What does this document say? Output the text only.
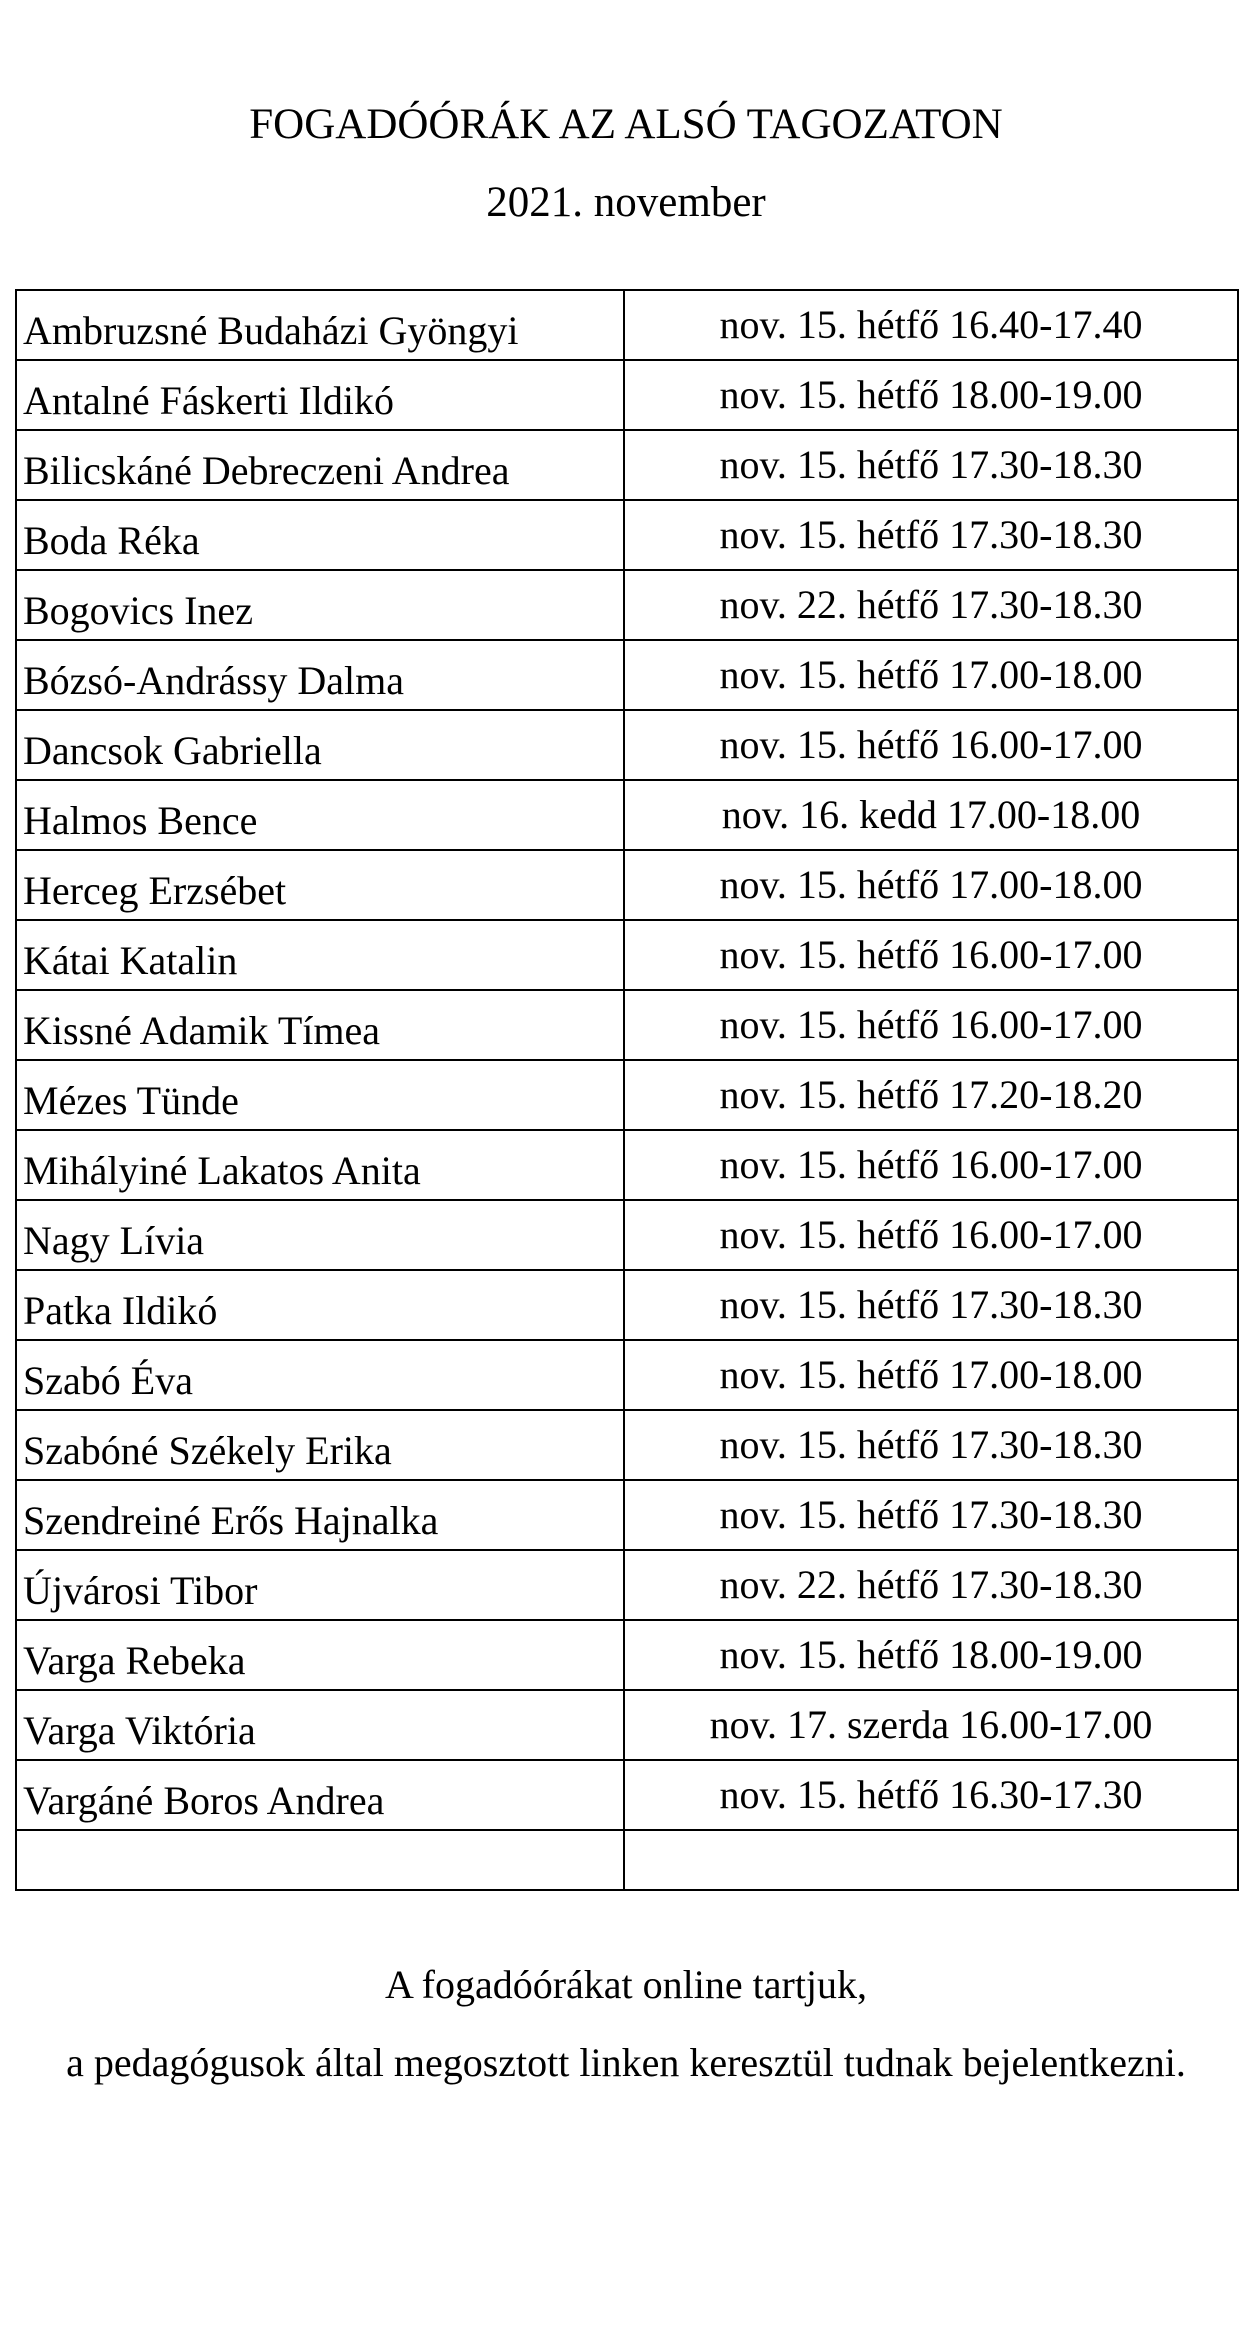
FOGADÓÓRÁK AZ ALSÓ TAGOZATON
2021. november
Ambruzsné Budaházi Gyöngyi	nov. 15. hétfő 16.40-17.40
Antalné Fáskerti Ildikó	nov. 15. hétfő 18.00-19.00
Bilicskáné Debreczeni Andrea	nov. 15. hétfő 17.30-18.30
Boda Réka	nov. 15. hétfő 17.30-18.30
Bogovics Inez	nov. 22. hétfő 17.30-18.30
Bózsó-Andrássy Dalma	nov. 15. hétfő 17.00-18.00
Dancsok Gabriella	nov. 15. hétfő 16.00-17.00
Halmos Bence	nov. 16. kedd 17.00-18.00
Herceg Erzsébet	nov. 15. hétfő 17.00-18.00
Kátai Katalin	nov. 15. hétfő 16.00-17.00
Kissné Adamik Tímea	nov. 15. hétfő 16.00-17.00
Mézes Tünde	nov. 15. hétfő 17.20-18.20
Mihályiné Lakatos Anita	nov. 15. hétfő 16.00-17.00
Nagy Lívia	nov. 15. hétfő 16.00-17.00
Patka Ildikó	nov. 15. hétfő 17.30-18.30
Szabó Éva	nov. 15. hétfő 17.00-18.00
Szabóné Székely Erika	nov. 15. hétfő 17.30-18.30
Szendreiné Erős Hajnalka	nov. 15. hétfő 17.30-18.30
Újvárosi Tibor	nov. 22. hétfő 17.30-18.30
Varga Rebeka	nov. 15. hétfő 18.00-19.00
Varga Viktória	nov. 17. szerda 16.00-17.00
Vargáné Boros Andrea	nov. 15. hétfő 16.30-17.30

A fogadóórákat online tartjuk,
a pedagógusok által megosztott linken keresztül tudnak bejelentkezni.
